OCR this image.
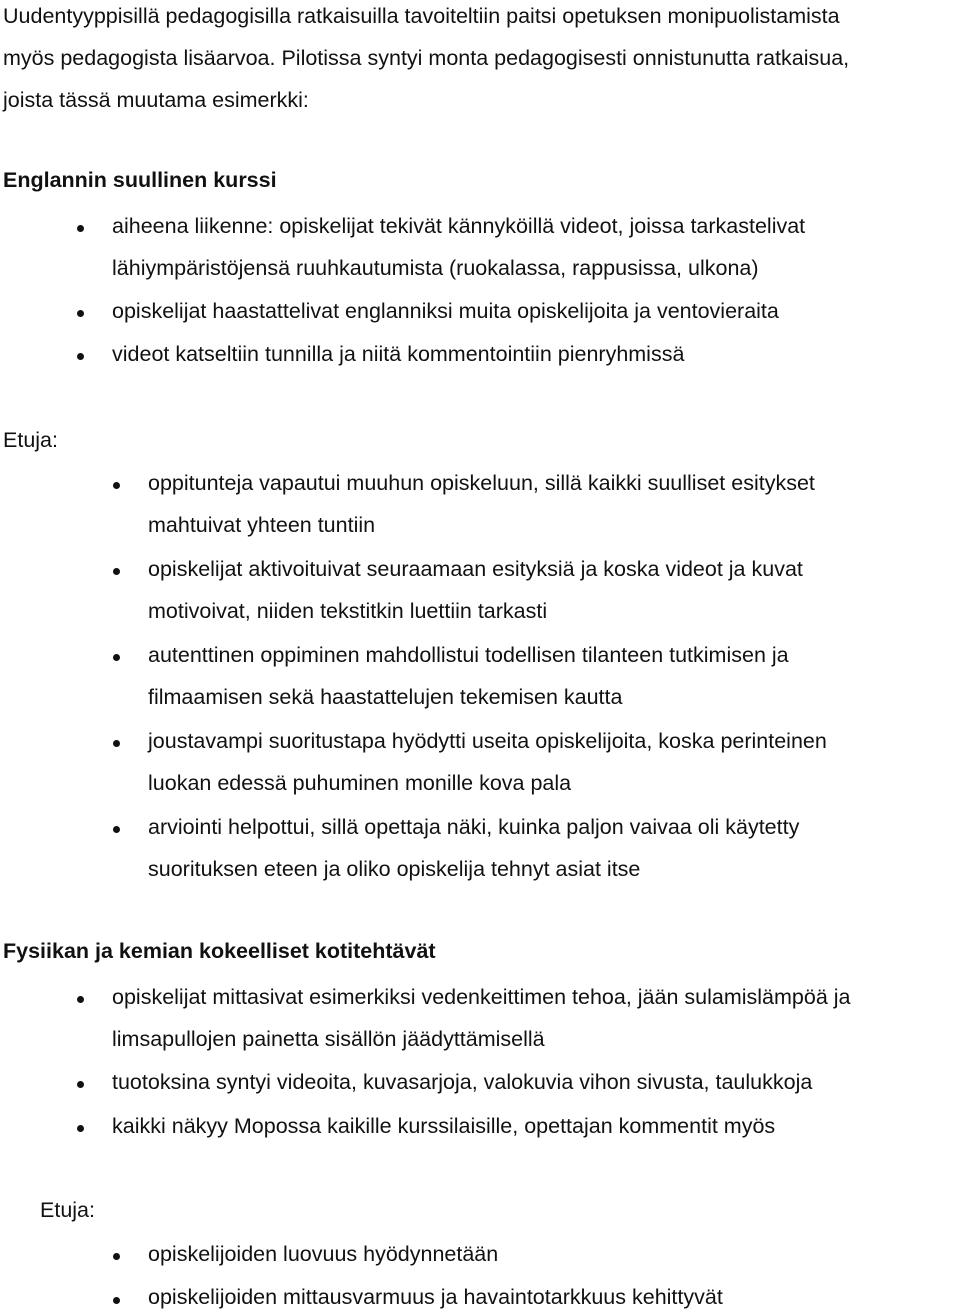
Uudentyyppisillä pedagogisilla ratkaisuilla tavoiteltiin paitsi opetuksen monipuolistamista

myös pedagogista lisäarvoa. Pilotissa syntyi monta pedagogisesti onnistunutta ratkaisua,

joista tässä muutama esimerkki:

Englannin suullinen kurssi

aiheena liikenne: opiskelijat tekivät kännyköillä videot, joissa tarkastelivat

lähiympäristöjensä ruuhkautumista (ruokalassa, rappusissa, ulkona)

opiskelijat haastattelivat englanniksi muita opiskelijoita ja ventovieraita

videot katseltiin tunnilla ja niitä kommentointiin pienryhmissä

Etuja:

oppitunteja vapautui muuhun opiskeluun, sillä kaikki suulliset esitykset

mahtuivat yhteen tuntiin

opiskelijat aktivoituivat seuraamaan esityksiä ja koska videot ja kuvat

motivoivat, niiden tekstitkin luettiin tarkasti

autenttinen oppiminen mahdollistui todellisen tilanteen tutkimisen ja

filmaamisen sekä haastattelujen tekemisen kautta

joustavampi suoritustapa hyödytti useita opiskelijoita, koska perinteinen

luokan edessä puhuminen monille kova pala

arviointi helpottui, sillä opettaja näki, kuinka paljon vaivaa oli käytetty

suorituksen eteen ja oliko opiskelija tehnyt asiat itse

Fysiikan ja kemian kokeelliset kotitehtävät

opiskelijat mittasivat esimerkiksi vedenkeittimen tehoa, jään sulamislämpöä ja

limsapullojen painetta sisällön jäädyttämisellä

tuotoksina syntyi videoita, kuvasarjoja, valokuvia vihon sivusta, taulukkoja

kaikki näkyy Mopossa kaikille kurssilaisille, opettajan kommentit myös

Etuja:

opiskelijoiden luovuus hyödynnetään

opiskelijoiden mittausvarmuus ja havaintotarkkuus kehittyvät
